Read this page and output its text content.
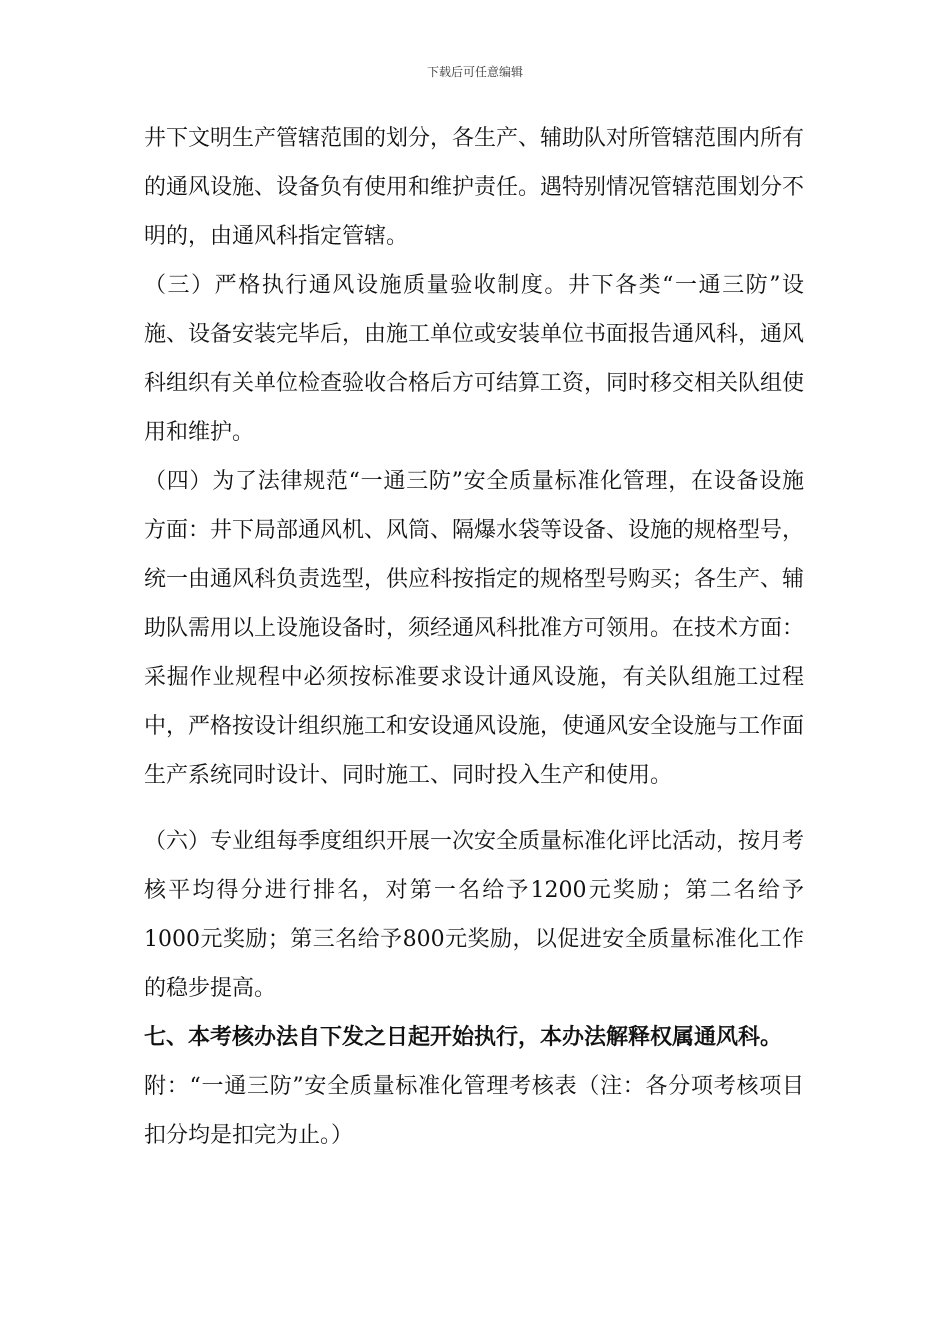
下载后可任意编辑

井下文明生产管辖范围的划分，各生产、辅助队对所管辖范围内所有的通风设施、设备负有使用和维护责任。遇特别情况管辖范围划分不明的，由通风科指定管辖。

（三）严格执行通风设施质量验收制度。井下各类“一通三防”设施、设备安装完毕后，由施工单位或安装单位书面报告通风科，通风科组织有关单位检查验收合格后方可结算工资，同时移交相关队组使用和维护。

（四）为了法律规范“一通三防”安全质量标准化管理，在设备设施方面：井下局部通风机、风筒、隔爆水袋等设备、设施的规格型号，统一由通风科负责选型，供应科按指定的规格型号购买；各生产、辅助队需用以上设施设备时，须经通风科批准方可领用。在技术方面：采掘作业规程中必须按标准要求设计通风设施，有关队组施工过程中，严格按设计组织施工和安设通风设施，使通风安全设施与工作面生产系统同时设计、同时施工、同时投入生产和使用。

（六）专业组每季度组织开展一次安全质量标准化评比活动，按月考核平均得分进行排名，对第一名给予1200元奖励；第二名给予1000元奖励；第三名给予800元奖励，以促进安全质量标准化工作的稳步提高。

七、本考核办法自下发之日起开始执行，本办法解释权属通风科。

附：“一通三防”安全质量标准化管理考核表（注：各分项考核项目扣分均是扣完为止。）
